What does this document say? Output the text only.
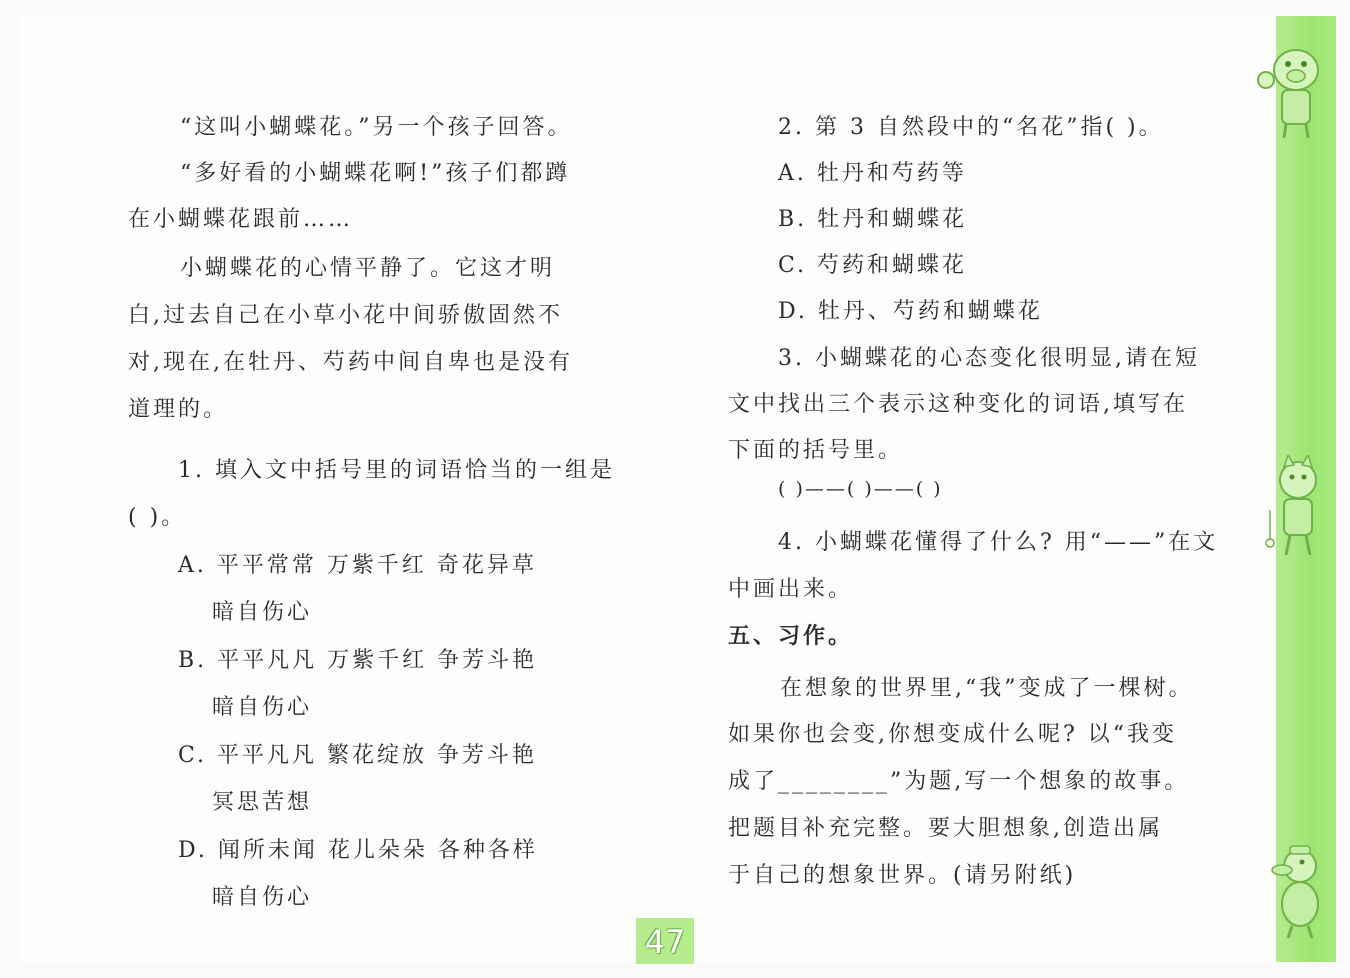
“这叫小蝴蝶花。”另一个孩子回答。
“多好看的小蝴蝶花啊!”孩子们都蹲
在小蝴蝶花跟前……
小蝴蝶花的心情平静了。它这才明
白,过去自己在小草小花中间骄傲固然不
对,现在,在牡丹、芍药中间自卑也是没有
道理的。
1. 填入文中括号里的词语恰当的一组是
( )。
A. 平平常常 万紫千红 奇花异草
暗自伤心
B. 平平凡凡 万紫千红 争芳斗艳
暗自伤心
C. 平平凡凡 繁花绽放 争芳斗艳
冥思苦想
D. 闻所未闻 花儿朵朵 各种各样
暗自伤心
2. 第 3 自然段中的“名花”指( )。
A. 牡丹和芍药等
B. 牡丹和蝴蝶花
C. 芍药和蝴蝶花
D. 牡丹、芍药和蝴蝶花
3. 小蝴蝶花的心态变化很明显,请在短
文中找出三个表示这种变化的词语,填写在
下面的括号里。
( )——( )——( )
4. 小蝴蝶花懂得了什么? 用“——”在文
中画出来。
五、习作。
在想象的世界里,“我”变成了一棵树。
如果你也会变,你想变成什么呢? 以“我变
成了________”为题,写一个想象的故事。
把题目补充完整。要大胆想象,创造出属
于自己的想象世界。(请另附纸)
47
